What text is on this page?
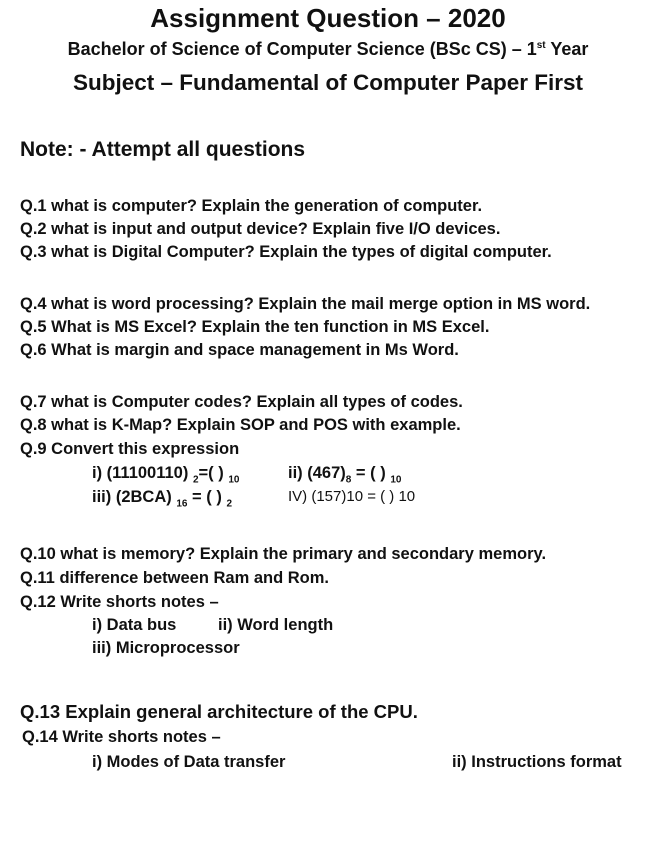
Assignment Question – 2020
Bachelor of Science of Computer Science (BSc CS) – 1st Year
Subject – Fundamental of Computer Paper First
Note: - Attempt all questions
Q.1 what is computer? Explain the generation of computer.
Q.2 what is input and output device? Explain five I/O devices.
Q.3 what is Digital Computer? Explain the types of digital computer.
Q.4 what is word processing? Explain the mail merge option in MS word.
Q.5 What is MS Excel? Explain the ten function in MS Excel.
Q.6 What is margin and space management in Ms Word.
Q.7 what is Computer codes? Explain all types of codes.
Q.8 what is K-Map? Explain SOP and POS with example.
Q.9 Convert this expression
i) (11100110) $_2$=( ) $_{10}$	ii) $(467)_8$ = ( ) $_{10}$
iii) (2BCA) $_{16}$ = ( ) $_2$	IV) (157)10 = ( ) 10
Q.10 what is memory? Explain the primary and secondary memory.
Q.11 difference between Ram and Rom.
Q.12 Write shorts notes –
i) Data bus	ii) Word length
iii) Microprocessor
Q.13 Explain general architecture of the CPU.
Q.14 Write shorts notes –
i) Modes of Data transfer	ii) Instructions format
